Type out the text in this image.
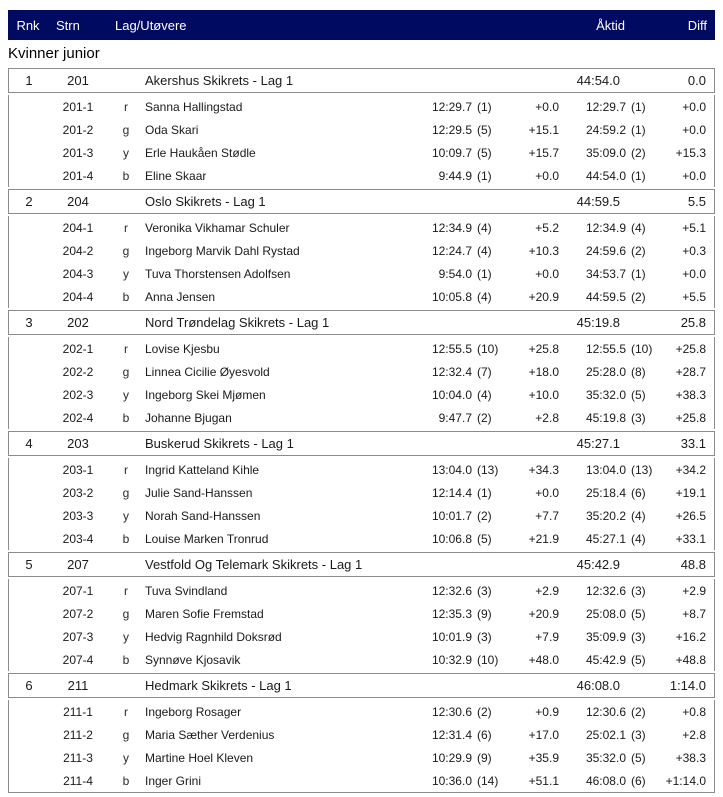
Rnk	Strn	Lag/Utøvere	Åktid	Diff
Kvinner junior
1	201	Akershus Skikrets - Lag 1	44:54.0	0.0
201-1	r	Sanna Hallingstad	12:29.7 (1)	+0.0	12:29.7 (1)	+0.0
201-2	g	Oda Skari	12:29.5 (5)	+15.1	24:59.2 (1)	+0.0
201-3	y	Erle Haukåen Stødle	10:09.7 (5)	+15.7	35:09.0 (2)	+15.3
201-4	b	Eline Skaar	9:44.9 (1)	+0.0	44:54.0 (1)	+0.0
2	204	Oslo Skikrets - Lag 1	44:59.5	5.5
204-1	r	Veronika Vikhamar Schuler	12:34.9 (4)	+5.2	12:34.9 (4)	+5.1
204-2	g	Ingeborg Marvik Dahl Rystad	12:24.7 (4)	+10.3	24:59.6 (2)	+0.3
204-3	y	Tuva Thorstensen Adolfsen	9:54.0 (1)	+0.0	34:53.7 (1)	+0.0
204-4	b	Anna Jensen	10:05.8 (4)	+20.9	44:59.5 (2)	+5.5
3	202	Nord Trøndelag Skikrets - Lag 1	45:19.8	25.8
202-1	r	Lovise Kjesbu	12:55.5 (10)	+25.8	12:55.5 (10)	+25.8
202-2	g	Linnea Cicilie Øyesvold	12:32.4 (7)	+18.0	25:28.0 (8)	+28.7
202-3	y	Ingeborg Skei Mjømen	10:04.0 (4)	+10.0	35:32.0 (5)	+38.3
202-4	b	Johanne Bjugan	9:47.7 (2)	+2.8	45:19.8 (3)	+25.8
4	203	Buskerud Skikrets - Lag 1	45:27.1	33.1
203-1	r	Ingrid Katteland Kihle	13:04.0 (13)	+34.3	13:04.0 (13)	+34.2
203-2	g	Julie Sand-Hanssen	12:14.4 (1)	+0.0	25:18.4 (6)	+19.1
203-3	y	Norah Sand-Hanssen	10:01.7 (2)	+7.7	35:20.2 (4)	+26.5
203-4	b	Louise Marken Tronrud	10:06.8 (5)	+21.9	45:27.1 (4)	+33.1
5	207	Vestfold Og Telemark Skikrets - Lag 1	45:42.9	48.8
207-1	r	Tuva Svindland	12:32.6 (3)	+2.9	12:32.6 (3)	+2.9
207-2	g	Maren Sofie Fremstad	12:35.3 (9)	+20.9	25:08.0 (5)	+8.7
207-3	y	Hedvig Ragnhild Doksrød	10:01.9 (3)	+7.9	35:09.9 (3)	+16.2
207-4	b	Synnøve Kjosavik	10:32.9 (10)	+48.0	45:42.9 (5)	+48.8
6	211	Hedmark Skikrets - Lag 1	46:08.0	1:14.0
211-1	r	Ingeborg Rosager	12:30.6 (2)	+0.9	12:30.6 (2)	+0.8
211-2	g	Maria Sæther Verdenius	12:31.4 (6)	+17.0	25:02.1 (3)	+2.8
211-3	y	Martine Hoel Kleven	10:29.9 (9)	+35.9	35:32.0 (5)	+38.3
211-4	b	Inger Grini	10:36.0 (14)	+51.1	46:08.0 (6)	+1:14.0
